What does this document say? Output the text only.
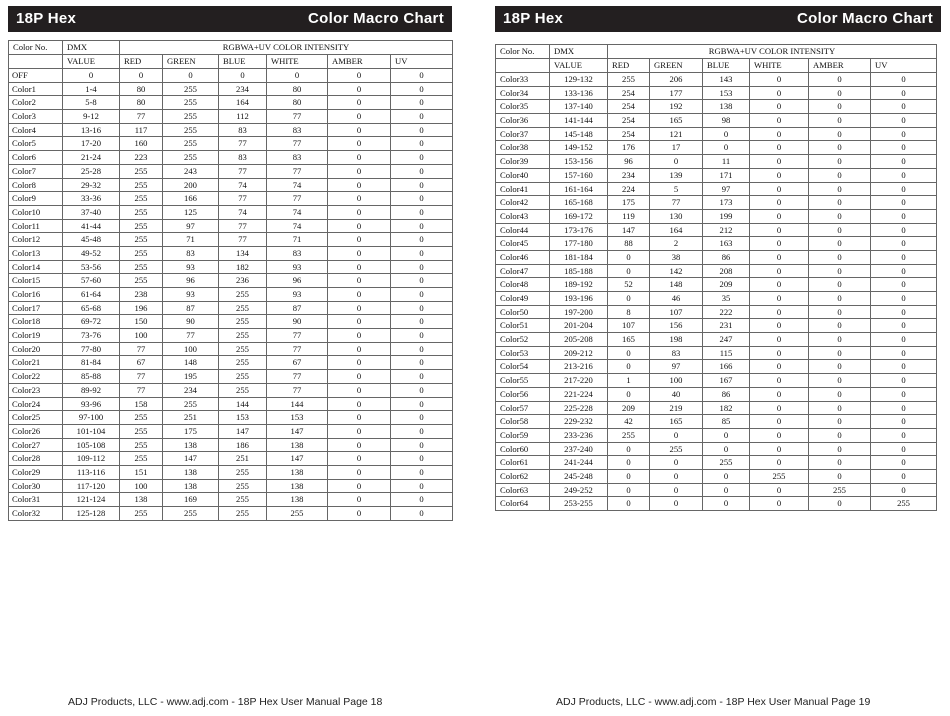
18P Hex	Color Macro Chart
Color No.	DMX	RGBWA+UV COLOR INTENSITY					
	VALUE	RED	GREEN	BLUE	WHITE	AMBER	UV
OFF	0	0	0	0	0	0	0
Color1	1-4	80	255	234	80	0	0
Color2	5-8	80	255	164	80	0	0
Color3	9-12	77	255	112	77	0	0
Color4	13-16	117	255	83	83	0	0
Color5	17-20	160	255	77	77	0	0
Color6	21-24	223	255	83	83	0	0
Color7	25-28	255	243	77	77	0	0
Color8	29-32	255	200	74	74	0	0
Color9	33-36	255	166	77	77	0	0
Color10	37-40	255	125	74	74	0	0
Color11	41-44	255	97	77	74	0	0
Color12	45-48	255	71	77	71	0	0
Color13	49-52	255	83	134	83	0	0
Color14	53-56	255	93	182	93	0	0
Color15	57-60	255	96	236	96	0	0
Color16	61-64	238	93	255	93	0	0
Color17	65-68	196	87	255	87	0	0
Color18	69-72	150	90	255	90	0	0
Color19	73-76	100	77	255	77	0	0
Color20	77-80	77	100	255	77	0	0
Color21	81-84	67	148	255	67	0	0
Color22	85-88	77	195	255	77	0	0
Color23	89-92	77	234	255	77	0	0
Color24	93-96	158	255	144	144	0	0
Color25	97-100	255	251	153	153	0	0
Color26	101-104	255	175	147	147	0	0
Color27	105-108	255	138	186	138	0	0
Color28	109-112	255	147	251	147	0	0
Color29	113-116	151	138	255	138	0	0
Color30	117-120	100	138	255	138	0	0
Color31	121-124	138	169	255	138	0	0
Color32	125-128	255	255	255	255	0	0
ADJ Products, LLC - www.adj.com - 18P Hex User Manual Page 18
18P Hex	Color Macro Chart
Color No.	DMX	RGBWA+UV COLOR INTENSITY					
	VALUE	RED	GREEN	BLUE	WHITE	AMBER	UV
Color33	129-132	255	206	143	0	0	0
Color34	133-136	254	177	153	0	0	0
Color35	137-140	254	192	138	0	0	0
Color36	141-144	254	165	98	0	0	0
Color37	145-148	254	121	0	0	0	0
Color38	149-152	176	17	0	0	0	0
Color39	153-156	96	0	11	0	0	0
Color40	157-160	234	139	171	0	0	0
Color41	161-164	224	5	97	0	0	0
Color42	165-168	175	77	173	0	0	0
Color43	169-172	119	130	199	0	0	0
Color44	173-176	147	164	212	0	0	0
Color45	177-180	88	2	163	0	0	0
Color46	181-184	0	38	86	0	0	0
Color47	185-188	0	142	208	0	0	0
Color48	189-192	52	148	209	0	0	0
Color49	193-196	0	46	35	0	0	0
Color50	197-200	8	107	222	0	0	0
Color51	201-204	107	156	231	0	0	0
Color52	205-208	165	198	247	0	0	0
Color53	209-212	0	83	115	0	0	0
Color54	213-216	0	97	166	0	0	0
Color55	217-220	1	100	167	0	0	0
Color56	221-224	0	40	86	0	0	0
Color57	225-228	209	219	182	0	0	0
Color58	229-232	42	165	85	0	0	0
Color59	233-236	255	0	0	0	0	0
Color60	237-240	0	255	0	0	0	0
Color61	241-244	0	0	255	0	0	0
Color62	245-248	0	0	0	255	0	0
Color63	249-252	0	0	0	0	255	0
Color64	253-255	0	0	0	0	0	255
ADJ Products, LLC - www.adj.com - 18P Hex User Manual Page 19
